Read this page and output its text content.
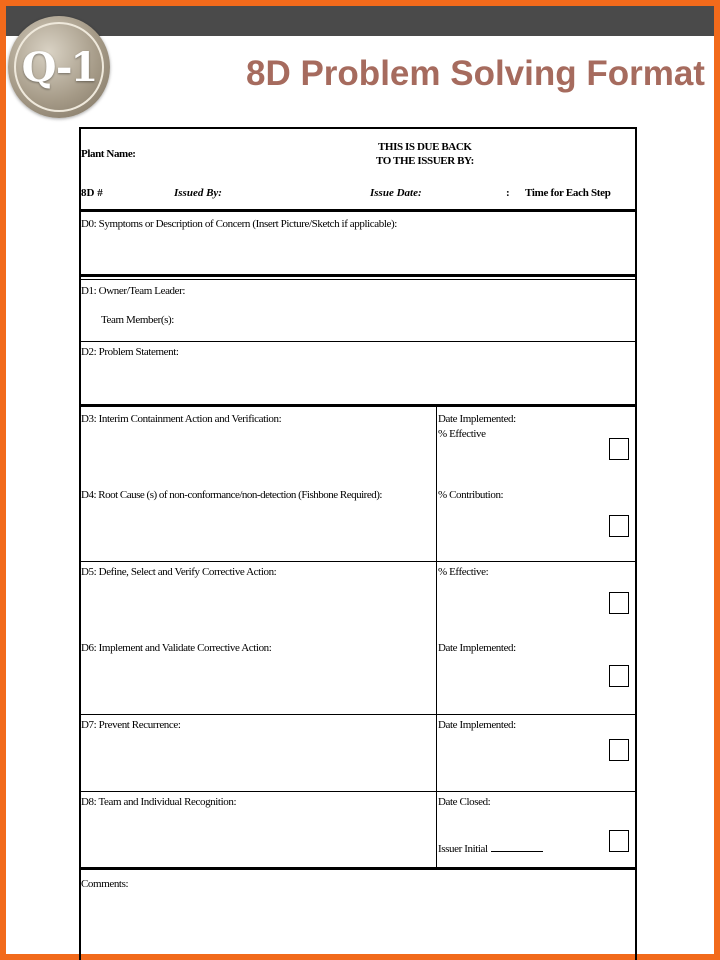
Q-1	8D Problem Solving Format
Plant Name:
THIS IS DUE BACK
TO THE ISSUER BY:
8D #	Issued By:	Issue Date:	: Time for Each Step
D0: Symptoms or Description of Concern (Insert Picture/Sketch if applicable):
D1: Owner/Team Leader:
Team Member(s):
D2: Problem Statement:
D3: Interim Containment Action and Verification:	Date Implemented:
% Effective
D4: Root Cause (s) of non-conformance/non-detection (Fishbone Required):	% Contribution:
D5: Define, Select and Verify Corrective Action:	% Effective:
D6: Implement and Validate Corrective Action:	Date Implemented:
D7: Prevent Recurrence:	Date Implemented:
D8: Team and Individual Recognition:	Date Closed:
Issuer Initial
Comments:
